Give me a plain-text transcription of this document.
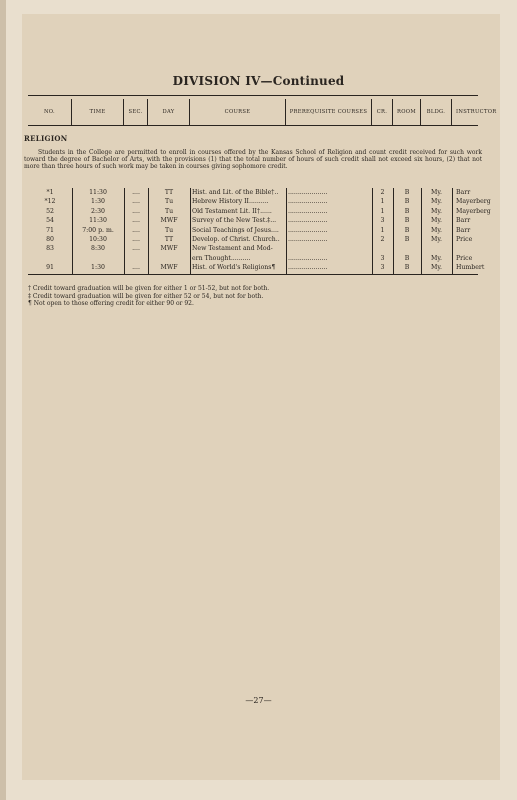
DIVISION IV—Continued
NO.	TIME	SEC.	DAY	COURSE	PREREQUISITE COURSES	CR.	ROOM	BLDG.	INSTRUCTOR
RELIGION
Students in the College are permitted to enroll in courses offered by the Kansas School of Religion and count credit received for such work toward the degree of Bachelor of Arts, with the provisions (1) that the total number of hours of such credit shall not exceed six hours, (2) that not more than three hours of such work may be taken in courses giving sophomore credit.
*1	11:30	....	TT	Hist. and Lit. of the Bible†..	....................	2	B	My.	Barr
*12	1:30	....	Tu	Hebrew History II..........	....................	1	B	My.	Mayerberg
52	2:30	....	Tu	Old Testament Lit. II†......	....................	1	B	My.	Mayerberg
54	11:30	....	MWF	Survey of the New Test.‡...	....................	3	B	My.	Barr
71	7:00 p. m.	....	Tu	Social Teachings of Jesus....	....................	1	B	My.	Barr
80	10:30	....	TT	Develop. of Christ. Church..	....................	2	B	My.	Price
83	8:30	....	MWF	New Testament and Mod-
ern Thought..........	....................	3	B	My.	Price
91	1:30	....	MWF	Hist. of World's Religions¶	....................	3	B	My.	Humbert
† Credit toward graduation will be given for either 1 or 51-52, but not for both.
‡ Credit toward graduation will be given for either 52 or 54, but not for both.
¶ Not open to those offering credit for either 90 or 92.
—27—
